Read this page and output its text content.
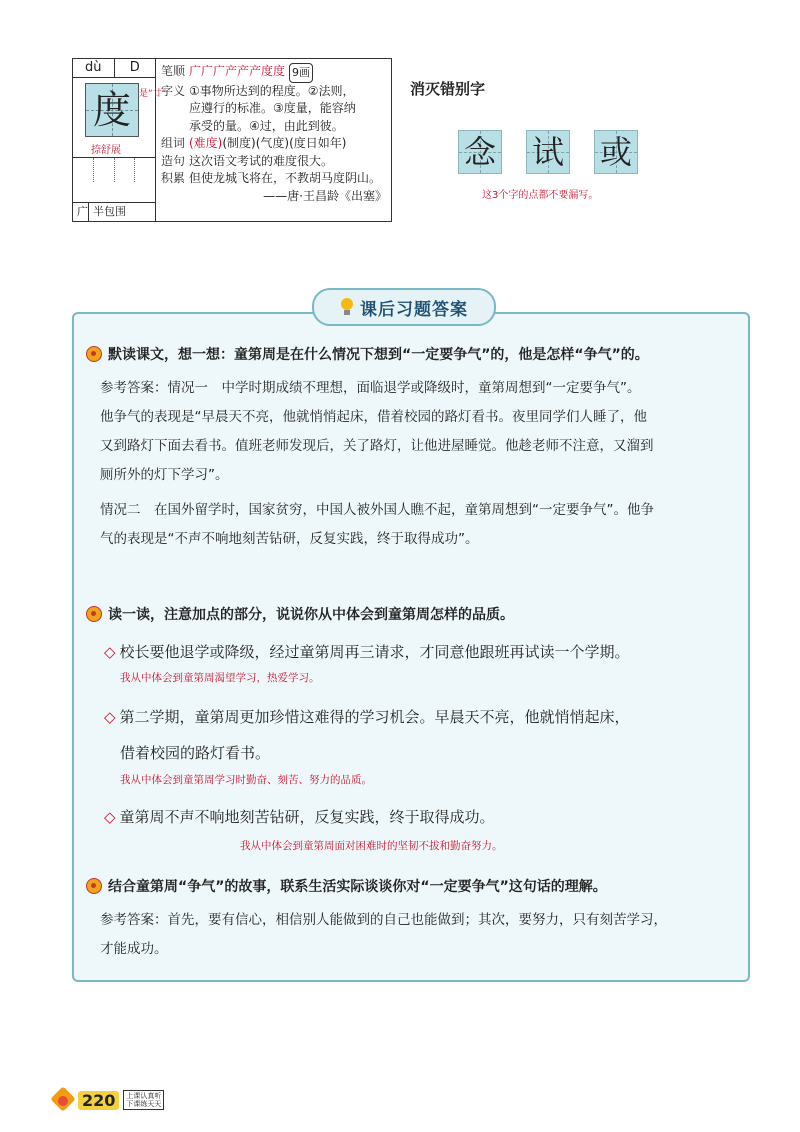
dù	D
度 是“廿”
捺舒展
广 半包围
笔顺 广广广产产产度度 9画
字义 ①事物所达到的程度。②法则，
应遵行的标准。③度量，能容纳
承受的量。④过，由此到彼。
组词 (难度) (制度)(气度)(度日如年)
造句 这次语文考试的难度很大。
积累 但使龙城飞将在，不教胡马度阴山。
——唐·王昌龄《出塞》
消灭错别字
念 试 或
这3个字的点都不要漏写。
课后习题答案
默读课文，想一想：童第周是在什么情况下想到“一定要争气”的，他是怎样“争气”的。

参考答案：情况一　中学时期成绩不理想，面临退学或降级时，童第周想到“一定要争气”。

他争气的表现是“早晨天不亮，他就悄悄起床，借着校园的路灯看书。夜里同学们人睡了，他

又到路灯下面去看书。值班老师发现后，关了路灯，让他进屋睡觉。他趁老师不注意，又溜到

厕所外的灯下学习”。

情况二　在国外留学时，国家贫穷，中国人被外国人瞧不起，童第周想到“一定要争气”。他争

气的表现是“不声不响地刻苦钻研，反复实践，终于取得成功”。

读一读，注意加点的部分，说说你从中体会到童第周怎样的品质。
◇ 校长要他退学或降级，经过童第周再三请求，才同意他跟班再试读一个学期。
我从中体会到童第周渴望学习，热爱学习。
◇ 第二学期，童第周更加珍惜这难得的学习机会。早晨天不亮，他就悄悄起床，
借着校园的路灯看书。
我从中体会到童第周学习时勤奋、刻苦、努力的品质。
◇ 童第周不声不响地刻苦钻研，反复实践，终于取得成功。
我从中体会到童第周面对困难时的坚韧不拔和勤奋努力。
结合童第周“争气”的故事，联系生活实际谈谈你对“一定要争气”这句话的理解。

参考答案：首先，要有信心，相信别人能做到的自己也能做到；其次，要努力，只有刻苦学习，

才能成功。

220	上课认真听
下课练天天
